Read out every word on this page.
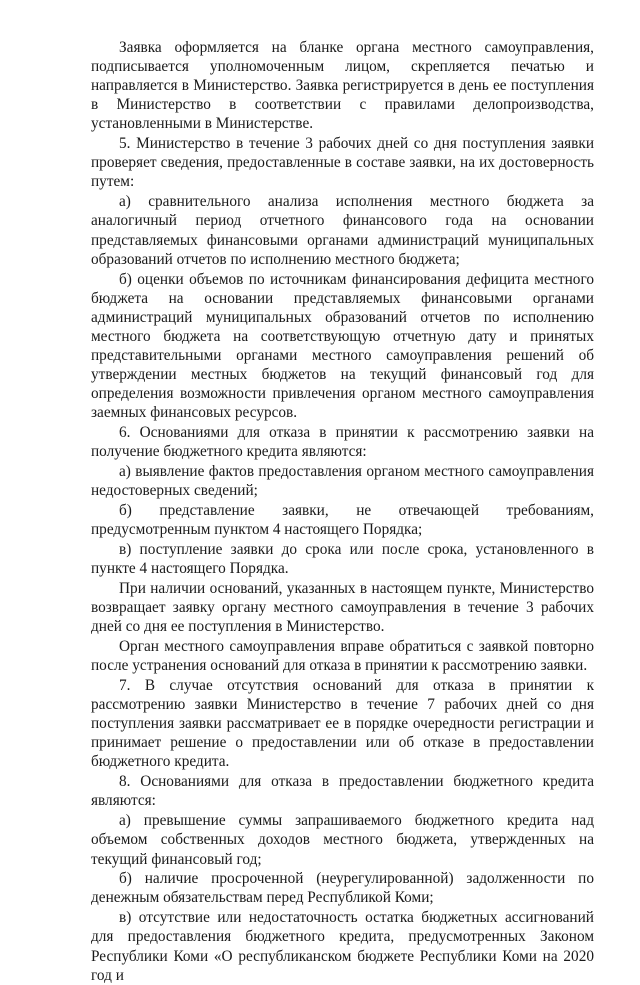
Заявка оформляется на бланке органа местного самоуправления, подписывается уполномоченным лицом, скрепляется печатью и направляется в Министерство. Заявка регистрируется в день ее поступления в Министерство в соответствии с правилами делопроизводства, установленными в Министерстве.

5. Министерство в течение 3 рабочих дней со дня поступления заявки проверяет сведения, предоставленные в составе заявки, на их достоверность путем:

а) сравнительного анализа исполнения местного бюджета за аналогичный период отчетного финансового года на основании представляемых финансовыми органами администраций муниципальных образований отчетов по исполнению местного бюджета;

б) оценки объемов по источникам финансирования дефицита местного бюджета на основании представляемых финансовыми органами администраций муниципальных образований отчетов по исполнению местного бюджета на соответствующую отчетную дату и принятых представительными органами местного самоуправления решений об утверждении местных бюджетов на текущий финансовый год для определения возможности привлечения органом местного самоуправления заемных финансовых ресурсов.

6. Основаниями для отказа в принятии к рассмотрению заявки на получение бюджетного кредита являются:

а) выявление фактов предоставления органом местного самоуправления недостоверных сведений;

б) представление заявки, не отвечающей требованиям, предусмотренным пунктом 4 настоящего Порядка;

в) поступление заявки до срока или после срока, установленного в пункте 4 настоящего Порядка.

При наличии оснований, указанных в настоящем пункте, Министерство возвращает заявку органу местного самоуправления в течение 3 рабочих дней со дня ее поступления в Министерство.

Орган местного самоуправления вправе обратиться с заявкой повторно после устранения оснований для отказа в принятии к рассмотрению заявки.

7. В случае отсутствия оснований для отказа в принятии к рассмотрению заявки Министерство в течение 7 рабочих дней со дня поступления заявки рассматривает ее в порядке очередности регистрации и принимает решение о предоставлении или об отказе в предоставлении бюджетного кредита.

8. Основаниями для отказа в предоставлении бюджетного кредита являются:

а) превышение суммы запрашиваемого бюджетного кредита над объемом собственных доходов местного бюджета, утвержденных на текущий финансовый год;

б) наличие просроченной (неурегулированной) задолженности по денежным обязательствам перед Республикой Коми;

в) отсутствие или недостаточность остатка бюджетных ассигнований для предоставления бюджетного кредита, предусмотренных Законом Республики Коми «О республиканском бюджете Республики Коми на 2020 год и
